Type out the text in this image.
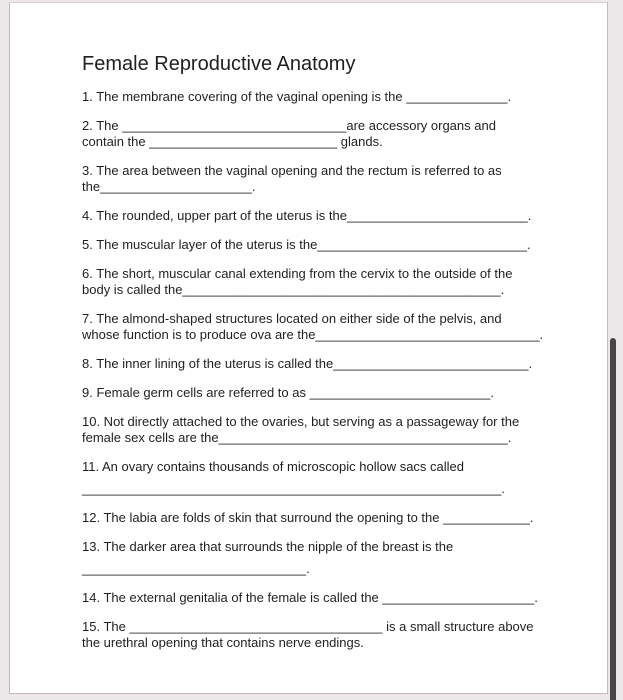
Female Reproductive Anatomy

1. The membrane covering of the vaginal opening is the ______________.

2. The _______________________________are accessory organs and
contain the __________________________ glands.

3. The area between the vaginal opening and the rectum is referred to as
the_____________________.

4. The rounded, upper part of the uterus is the_________________________.

5. The muscular layer of the uterus is the_____________________________.

6. The short, muscular canal extending from the cervix to the outside of the
body is called the____________________________________________.

7. The almond-shaped structures located on either side of the pelvis, and
whose function is to produce ova are the_______________________________.

8. The inner lining of the uterus is called the___________________________.

9. Female germ cells are referred to as _________________________.

10. Not directly attached to the ovaries, but serving as a passageway for the
female sex cells are the________________________________________.

11. An ovary contains thousands of microscopic hollow sacs called
__________________________________________________________.

12. The labia are folds of skin that surround the opening to the ____________.

13. The darker area that surrounds the nipple of the breast is the
_______________________________.

14. The external genitalia of the female is called the _____________________.

15. The ___________________________________ is a small structure above
the urethral opening that contains nerve endings.
